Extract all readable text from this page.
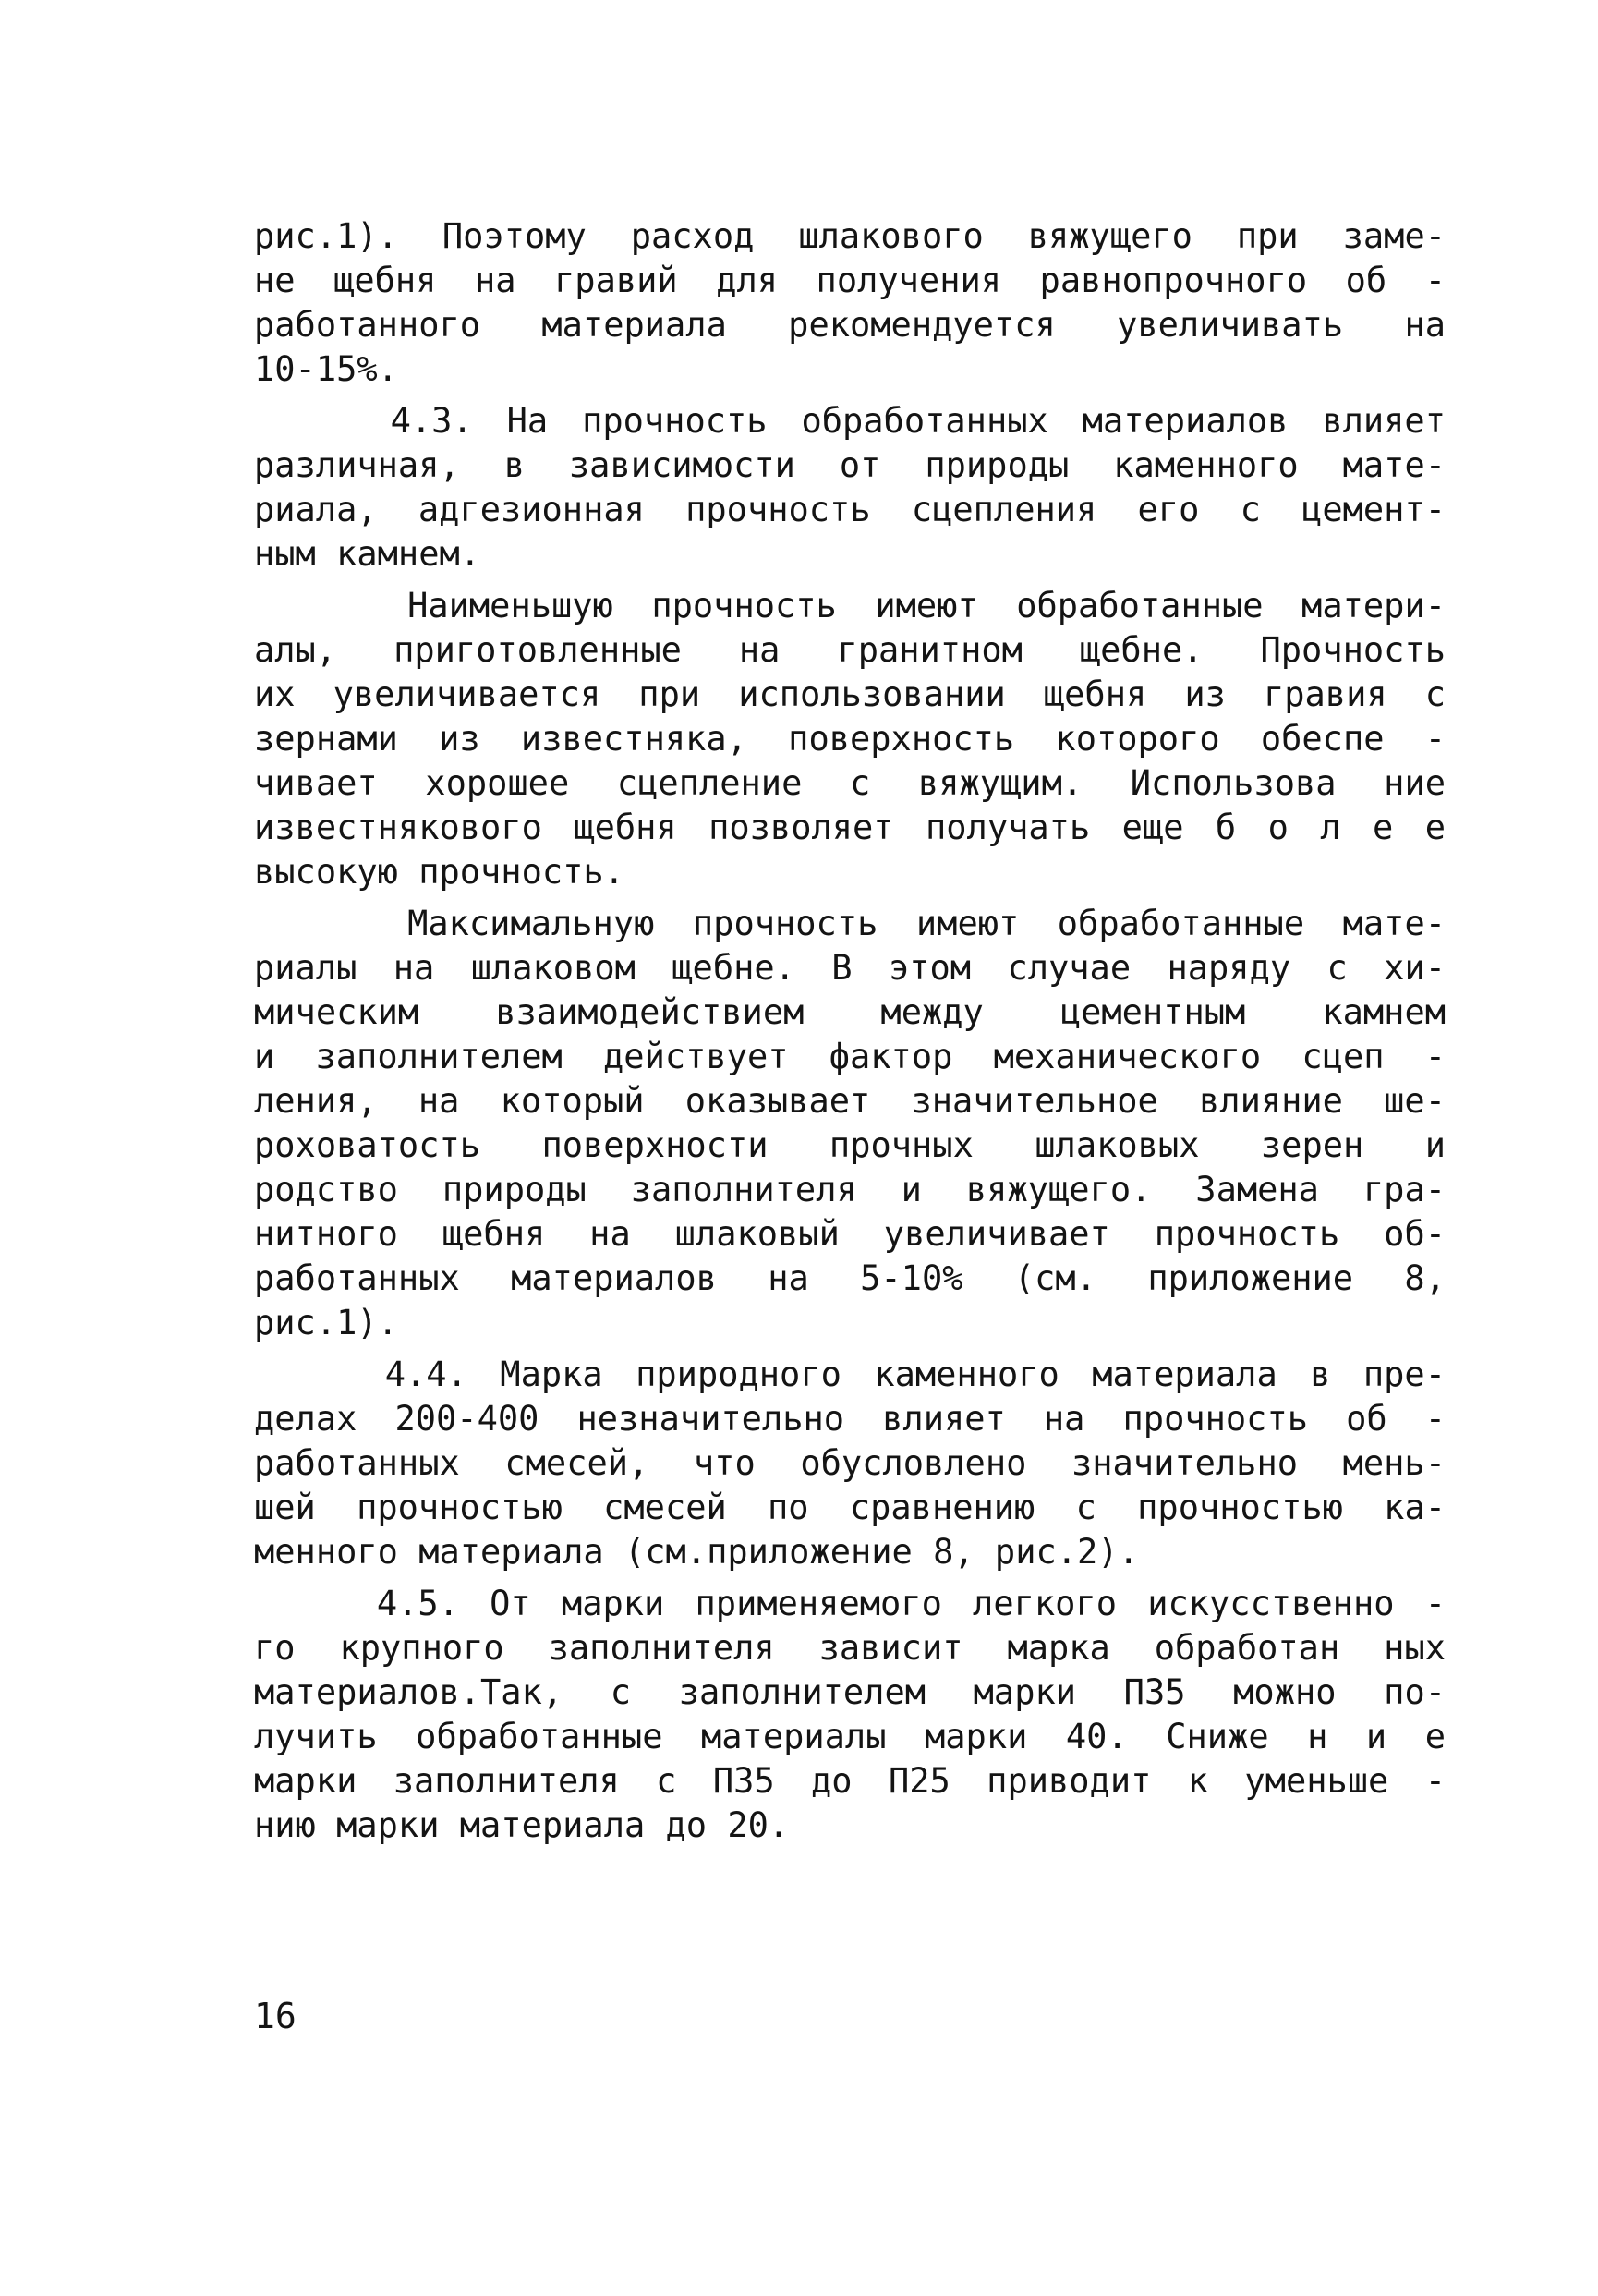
рис.1). Поэтому расход шлакового вяжущего при заме-
не щебня на гравий для получения равнопрочного об -
работанного материала рекомендуется увеличивать на
10-15%.
4.3. На прочность обработанных материалов влияет
различная, в зависимости от природы каменного мате-
риала, адгезионная прочность сцепления его с цемент-
ным камнем.
Наименьшую прочность имеют обработанные матери-
алы, приготовленные на гранитном щебне. Прочность
их увеличивается при использовании щебня из гравия с
зернами из известняка, поверхность которого обеспе -
чивает хорошее сцепление с вяжущим. Использова ние
известнякового щебня позволяет получать еще б о л е е
высокую прочность.
Максимальную прочность имеют обработанные мате-
риалы на шлаковом щебне. В этом случае наряду с хи-
мическим взаимодействием между цементным камнем
и заполнителем действует фактор механического сцеп -
ления, на который оказывает значительное влияние ше-
роховатость поверхности прочных шлаковых зерен и
родство природы заполнителя и вяжущего. Замена гра-
нитного щебня на шлаковый увеличивает прочность об-
работанных материалов на 5-10% (см. приложение 8,
рис.1).
4.4. Марка природного каменного материала в пре-
делах 200-400 незначительно влияет на прочность об -
работанных смесей, что обусловлено значительно мень-
шей прочностью смесей по сравнению с прочностью ка-
менного материала (см.приложение 8, рис.2).
4.5. От марки применяемого легкого искусственно -
го крупного заполнителя зависит марка обработан ных
материалов.Так, с заполнителем марки П35 можно по-
лучить обработанные материалы марки 40. Сниже н и е
марки заполнителя с П35 до П25 приводит к уменьше -
нию марки материала до 20.
16
